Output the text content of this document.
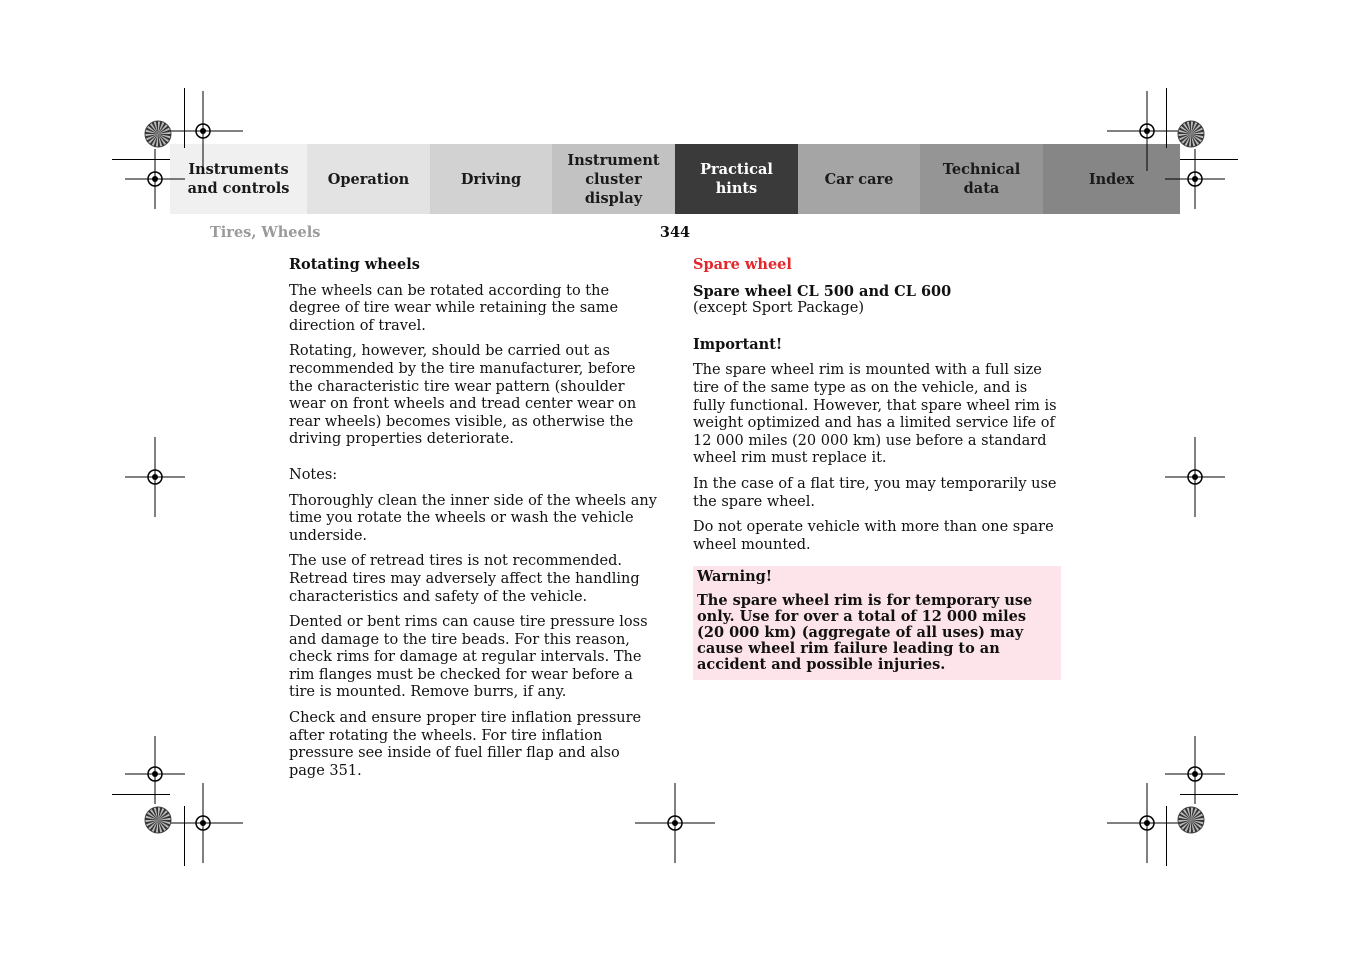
Instruments
and controls
Operation	Driving
Instrument
cluster display
Practical hints
Car care
Technical
data
Index
Tires, Wheels	344

Rotating wheels

The wheels can be rotated according to the degree of tire wear while retaining the same direction of travel.

Rotating, however, should be carried out as recommended by the tire manufacturer, before the characteristic tire wear pattern (shoulder wear on front wheels and tread center wear on rear wheels) becomes visible, as otherwise the driving properties deteriorate.

Notes:

Thoroughly clean the inner side of the wheels any time you rotate the wheels or wash the vehicle underside.

The use of retread tires is not recommended. Retread tires may adversely affect the handling characteristics and safety of the vehicle.

Dented or bent rims can cause tire pressure loss and damage to the tire beads. For this reason, check rims for damage at regular intervals. The rim flanges must be checked for wear before a tire is mounted. Remove burrs, if any.

Check and ensure proper tire inflation pressure after rotating the wheels. For tire inflation pressure see inside of fuel filler flap and also page 351.

Spare wheel

Spare wheel CL 500 and CL 600

(except Sport Package)

Important!

The spare wheel rim is mounted with a full size tire of the same type as on the vehicle, and is fully functional. However, that spare wheel rim is weight optimized and has a limited service life of 12 000 miles (20 000 km) use before a standard wheel rim must replace it.

In the case of a flat tire, you may temporarily use the spare wheel.

Do not operate vehicle with more than one spare wheel mounted.

Warning!
The spare wheel rim is for temporary use only. Use for over a total of 12 000 miles (20 000 km) (aggregate of all uses) may cause wheel rim failure leading to an accident and possible injuries.
